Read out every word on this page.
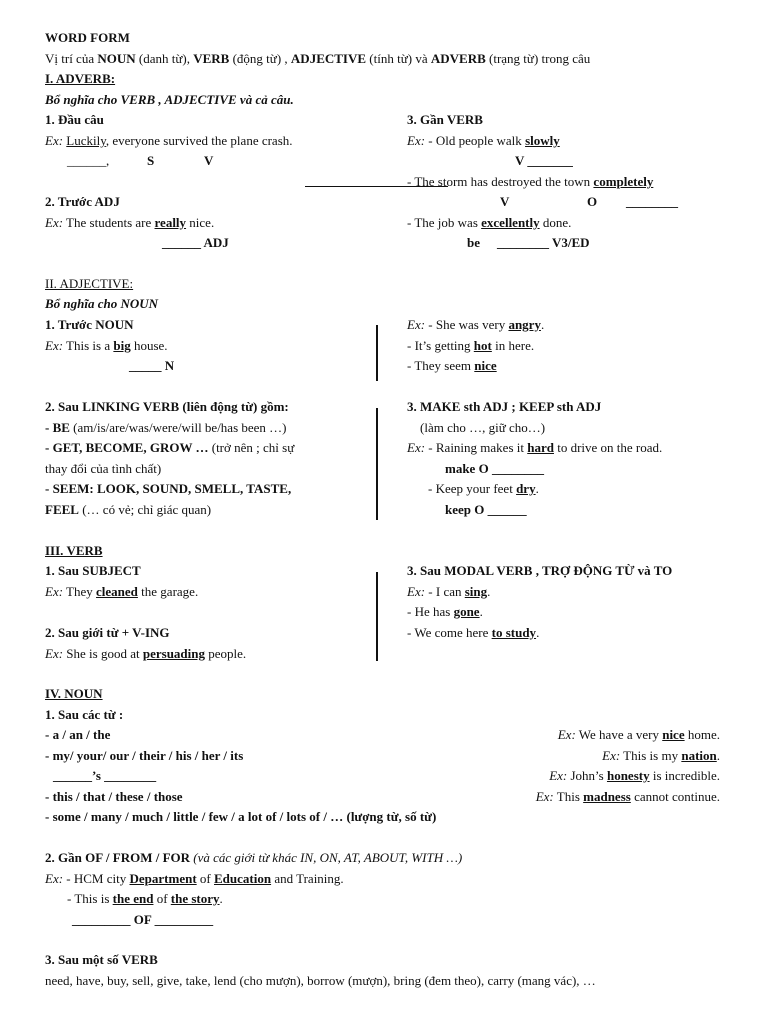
WORD FORM
Vị trí của NOUN (danh từ), VERB (động từ) , ADJECTIVE (tính từ) và ADVERB (trạng từ) trong câu
I. ADVERB:
Bổ nghĩa cho VERB , ADJECTIVE và cả câu.
1. Đầu câu
Ex: Luckily, everyone survived the plane crash.
______,	S	V
2. Trước ADJ
Ex: The students are really nice.
______ ADJ
3. Gần VERB
Ex: - Old people walk slowly
V _______
- The storm has destroyed the town completely
V	O ________
- The job was excellently done.
be ________ V3/ED
II. ADJECTIVE:
Bổ nghĩa cho NOUN
1. Trước NOUN
Ex: This is a big house.
_____ N
Ex: - She was very angry.
- It’s getting hot in here.
- They seem nice
2. Sau LINKING VERB (liên động từ) gồm:
- BE (am/is/are/was/were/will be/has been …)
- GET, BECOME, GROW … (trở nên ; chỉ sự
thay đổi của tình chất)
- SEEM: LOOK, SOUND, SMELL, TASTE,
FEEL (… có vẻ; chỉ giác quan)
3. MAKE sth ADJ ; KEEP sth ADJ
(làm cho …, giữ cho…)
Ex: - Raining makes it hard to drive on the road.
make O ________
- Keep your feet dry.
keep O ______
III. VERB
1. Sau SUBJECT
Ex: They cleaned the garage.
2. Sau giới từ + V-ING
Ex: She is good at persuading people.
3. Sau MODAL VERB , TRỢ ĐỘNG TỪ và TO
Ex: - I can sing.
- He has gone.
- We come here to study.
IV. NOUN
1. Sau các từ :
- a / an / the	Ex: We have a very nice home.
- my/ your/ our / their / his / her / its	Ex: This is my nation.
______’s ________	Ex: John’s honesty is incredible.
- this / that / these / those	Ex: This madness cannot continue.
- some / many / much / little / few / a lot of / lots of / … (lượng từ, số từ)
2. Gần OF / FROM / FOR (và các giới từ khác IN, ON, AT, ABOUT, WITH …)
Ex: - HCM city Department of Education and Training.
- This is the end of the story.
_________ OF _________
3. Sau một số VERB
need, have, buy, sell, give, take, lend (cho mượn), borrow (mượn), bring (đem theo), carry (mang vác), …
